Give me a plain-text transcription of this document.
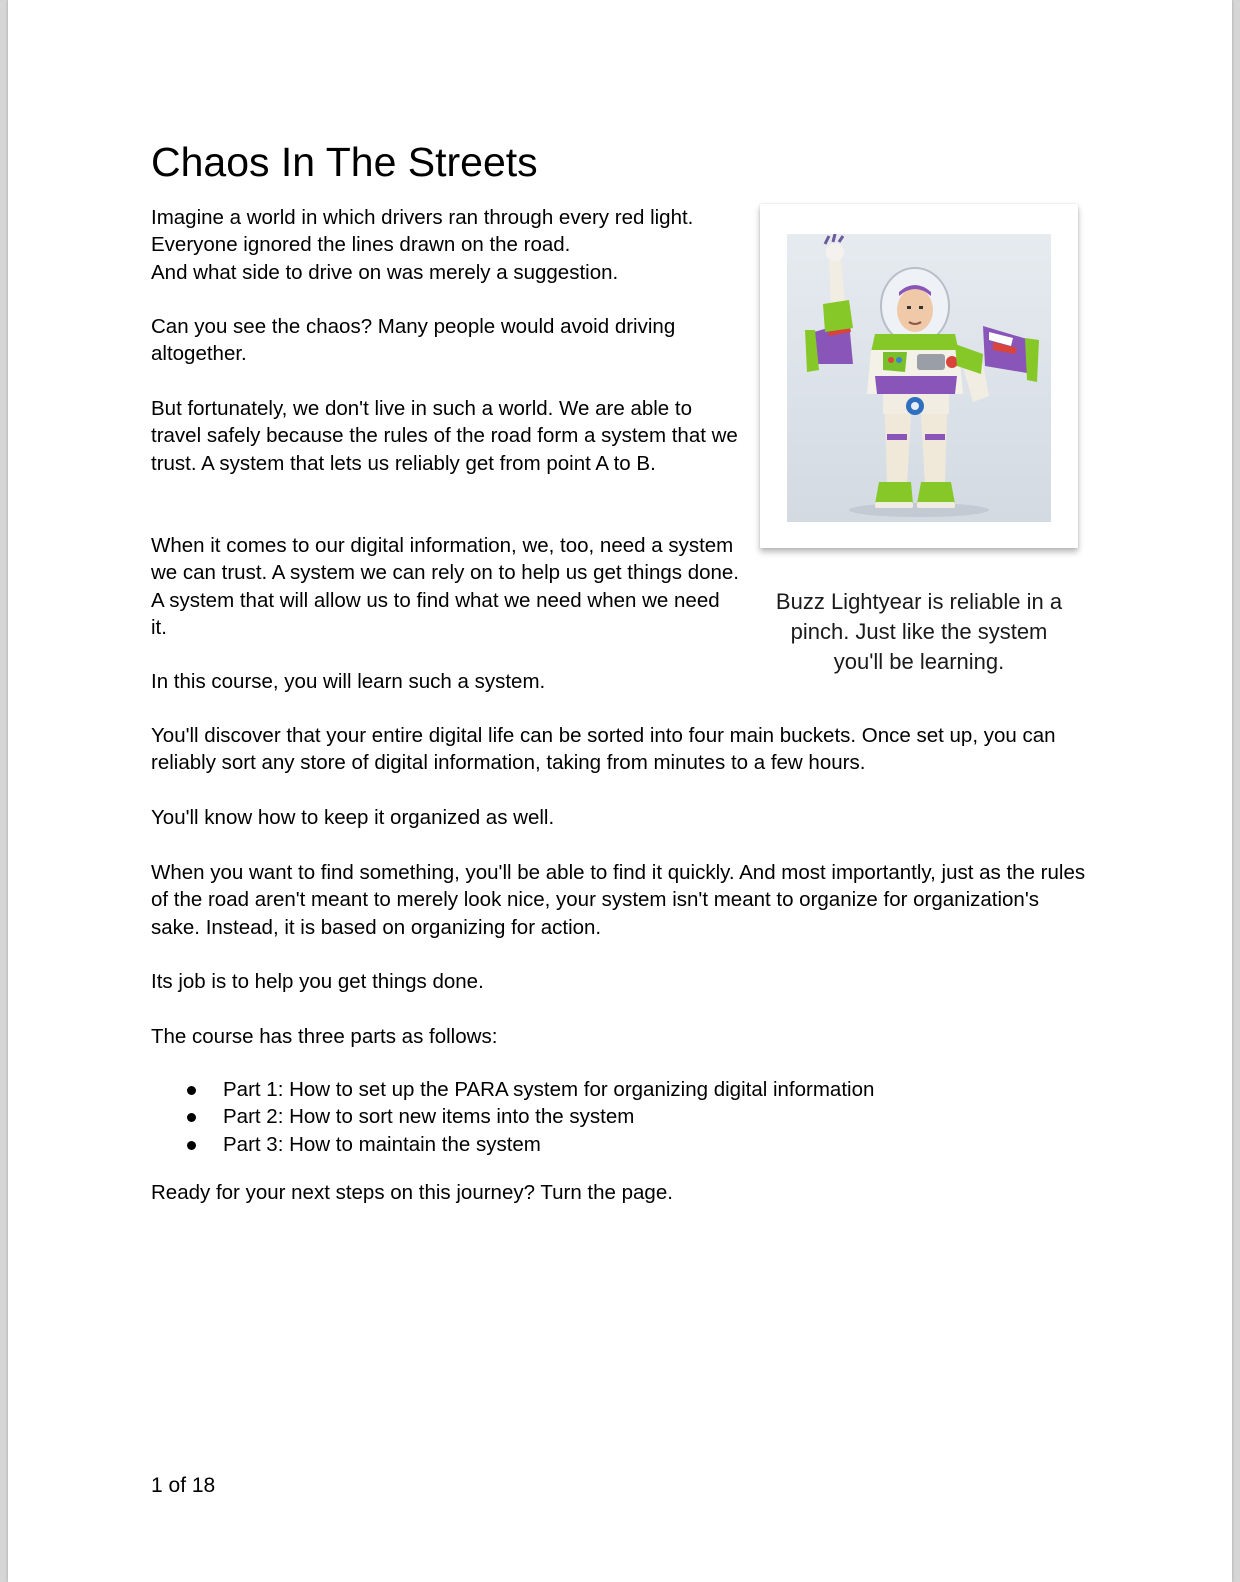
Chaos In The Streets

Imagine a world in which drivers ran through every red light.
Everyone ignored the lines drawn on the road.
And what side to drive on was merely a suggestion.

Can you see the chaos? Many people would avoid driving altogether.

But fortunately, we don't live in such a world. We are able to travel safely because the rules of the road form a system that we trust. A system that lets us reliably get from point A to B.

When it comes to our digital information, we, too, need a system we can trust. A system we can rely on to help us get things done. A system that will allow us to find what we need when we need it.

In this course, you will learn such a system.

You'll discover that your entire digital life can be sorted into four main buckets. Once set up, you can reliably sort any store of digital information, taking from minutes to a few hours.

You'll know how to keep it organized as well.

When you want to find something, you'll be able to find it quickly. And most importantly, just as the rules of the road aren't meant to merely look nice, your system isn't meant to organize for organization's sake. Instead, it is based on organizing for action.

Its job is to help you get things done.

The course has three parts as follows:

Part 1: How to set up the PARA system for organizing digital information
Part 2: How to sort new items into the system
Part 3: How to maintain the system

Ready for your next steps on this journey? Turn the page.

Buzz Lightyear is reliable in a
pinch. Just like the system
you'll be learning.

1 of 18
